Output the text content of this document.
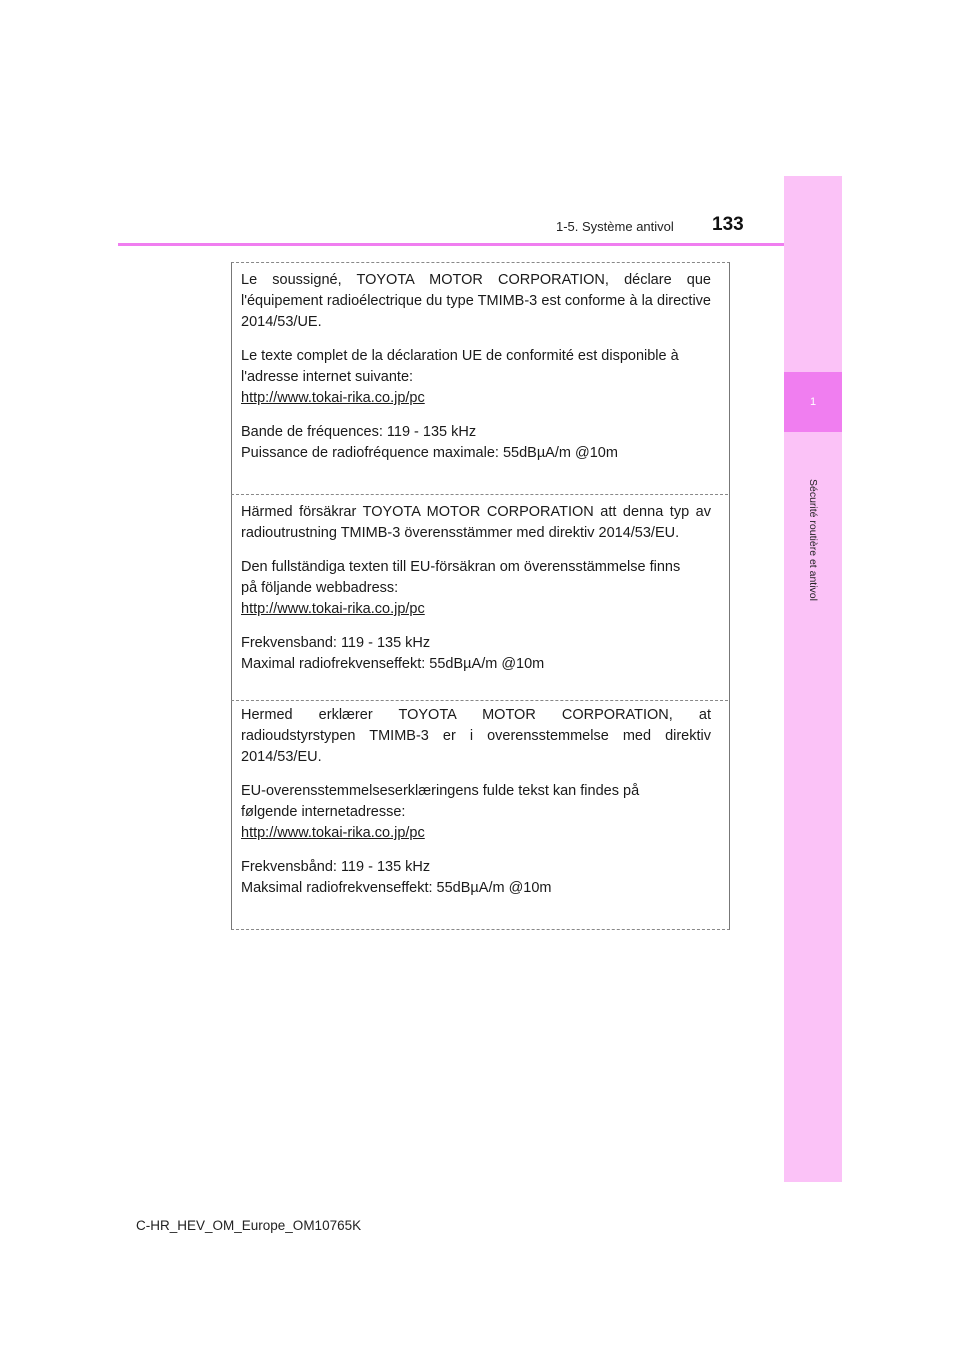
1
Sécurité routière et antivol
1-5. Système antivol 133

Le soussigné, TOYOTA MOTOR CORPORATION, déclare que l'équipement radioélectrique du type TMIMB-3 est conforme à la directive 2014/53/UE.

Le texte complet de la déclaration UE de conformité est disponible à

l'adresse internet suivante:

http://www.tokai-rika.co.jp/pc

Bande de fréquences: 119 - 135 kHz

Puissance de radiofréquence maximale: 55dBµA/m @10m

Härmed försäkrar TOYOTA MOTOR CORPORATION att denna typ av radioutrustning TMIMB-3 överensstämmer med direktiv 2014/53/EU.

Den fullständiga texten till EU-försäkran om överensstämmelse finns

på följande webbadress:

http://www.tokai-rika.co.jp/pc

Frekvensband: 119 - 135 kHz

Maximal radiofrekvenseffekt: 55dBµA/m @10m

Hermed erklærer TOYOTA MOTOR CORPORATION, at radioudstyrstypen TMIMB-3 er i overensstemmelse med direktiv 2014/53/EU.

EU-overensstemmelseserklæringens fulde tekst kan findes på

følgende internetadresse:

http://www.tokai-rika.co.jp/pc

Frekvensbånd: 119 - 135 kHz

Maksimal radiofrekvenseffekt: 55dBµA/m @10m

C-HR_HEV_OM_Europe_OM10765K
